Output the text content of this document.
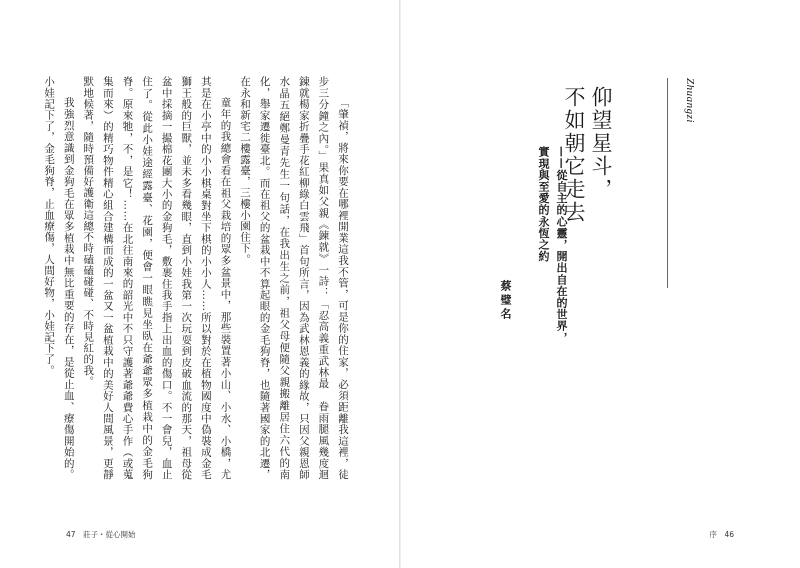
「肇禎，將來你要在哪裡開業這我不管，可是你的住家，必須距離我這裡，徒步三分鐘之內。」果真如父親《鍊就》一詩：「忍高義重武林最　眷雨腿風幾度迴　錬就楊家折疊手花紅柳綠白雲飛」首句所言，因為武林恩義的緣故，只因父親恩師水晶五絕鄭曼青先生一句話，在我出生之前，祖父母便隨父親搬離居住六代的南化，舉家遷徙臺北。而在祖父的盆栽中不算起眼的金毛狗脊，也隨著國家的北遷，在永和新宅二樓露臺，三樓小園住下。

童年的我總會看在祖父栽培的眾多盆景中，那些裝置著小山、小水、小橋，尤其是在小亭中的小小棋桌對坐下棋的小小人……所以對於在植物國度中偽裝成金毛獅王般的巨獸，並未多看幾眼，直到小娃我第一次玩耍到皮破血流的那天，祖母從盆中採摘一撮棉花團大小的金狗毛，敷裹住我手指上出血的傷口。不一會兒，血止住了。從此小娃途經露臺、花園，便會一眼瞧見坐臥在爺爺眾多植栽中的金毛狗脊。原來牠，不，是它！……在北往南來的韶光中不只守護著爺爺費心手作（或蒐集而來）的精巧物件精心組合建構而成的一盆又一盆植栽中的美好人間風景，更靜默地候著，隨時預備好護衛這總不時磕磕碰碰、不時見紅的我。

我強烈意識到金狗毛在眾多植栽中無比重要的存在，是從止血、療傷開始的。小娃記下了，金毛狗脊，止血療傷，人間好物，小娃記下了。

47　莊子・從心開始
Zhuangzi
仰望星斗，
不如朝它走去
——從自主的心靈，開出自在的世界，
實現與至愛的永恆之約
蔡璧名
序　46
